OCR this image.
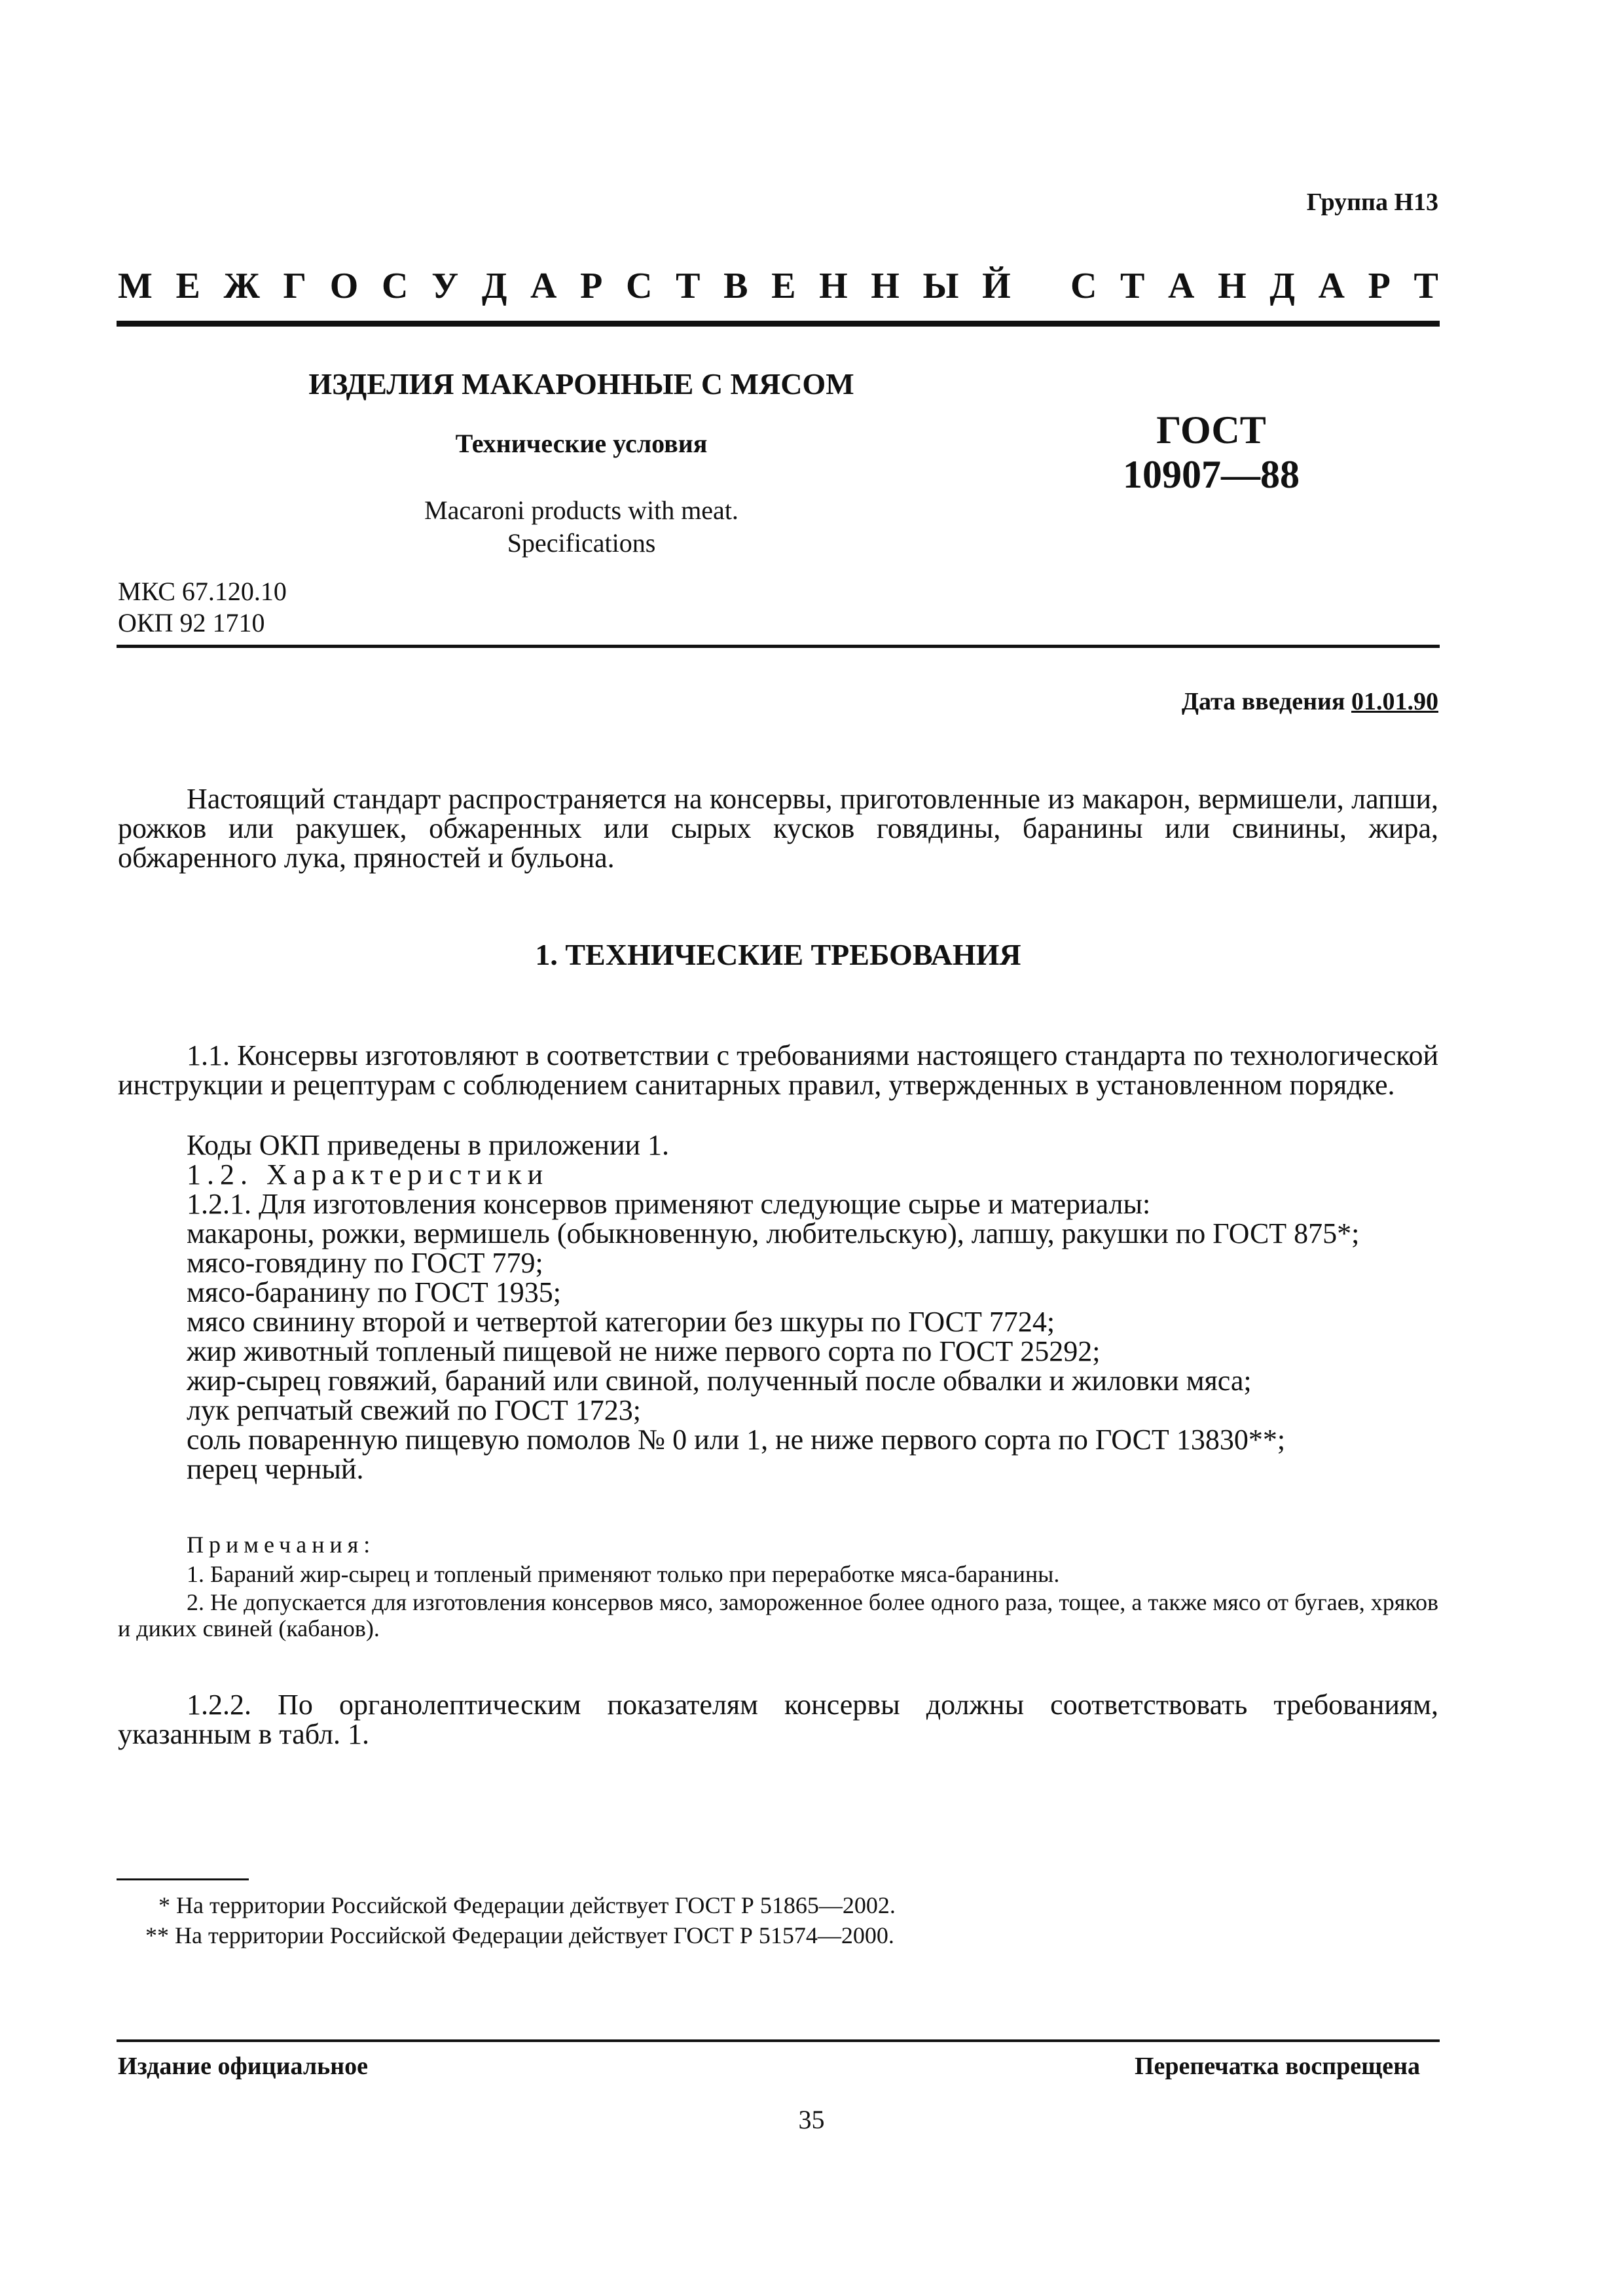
Группа Н13
М Е Ж Г О С У Д А Р С Т В Е Н Н Ы Й С Т А Н Д А Р Т
ИЗДЕЛИЯ МАКАРОННЫЕ С МЯСОМ
Технические условия
Macaroni products with meat.
Specifications
ГОСТ
10907—88
МКС 67.120.10
ОКП 92 1710
Дата введения 01.01.90
Настоящий стандарт распространяется на консервы, приготовленные из макарон, вермишели, лапши, рожков или ракушек, обжаренных или сырых кусков говядины, баранины или свинины, жира, обжаренного лука, пряностей и бульона.
1. ТЕХНИЧЕСКИЕ ТРЕБОВАНИЯ
1.1. Консервы изготовляют в соответствии с требованиями настоящего стандарта по технологической инструкции и рецептурам с соблюдением санитарных правил, утвержденных в установленном порядке.
Коды ОКП приведены в приложении 1.
1.2. Характеристики
1.2.1. Для изготовления консервов применяют следующие сырье и материалы:
макароны, рожки, вермишель (обыкновенную, любительскую), лапшу, ракушки по ГОСТ 875*;
мясо-говядину по ГОСТ 779;
мясо-баранину по ГОСТ 1935;
мясо свинину второй и четвертой категории без шкуры по ГОСТ 7724;
жир животный топленый пищевой не ниже первого сорта по ГОСТ 25292;
жир-сырец говяжий, бараний или свиной, полученный после обвалки и жиловки мяса;
лук репчатый свежий по ГОСТ 1723;
соль поваренную пищевую помолов № 0 или 1, не ниже первого сорта по ГОСТ 13830**;
перец черный.
Примечания:
1. Бараний жир-сырец и топленый применяют только при переработке мяса-баранины.
2. Не допускается для изготовления консервов мясо, замороженное более одного раза, тощее, а также мясо от бугаев, хряков и диких свиней (кабанов).
1.2.2. По органолептическим показателям консервы должны соответствовать требованиям, указанным в табл. 1.
* На территории Российской Федерации действует ГОСТ Р 51865—2002.
** На территории Российской Федерации действует ГОСТ Р 51574—2000.
Издание официальное	Перепечатка воспрещена
35
